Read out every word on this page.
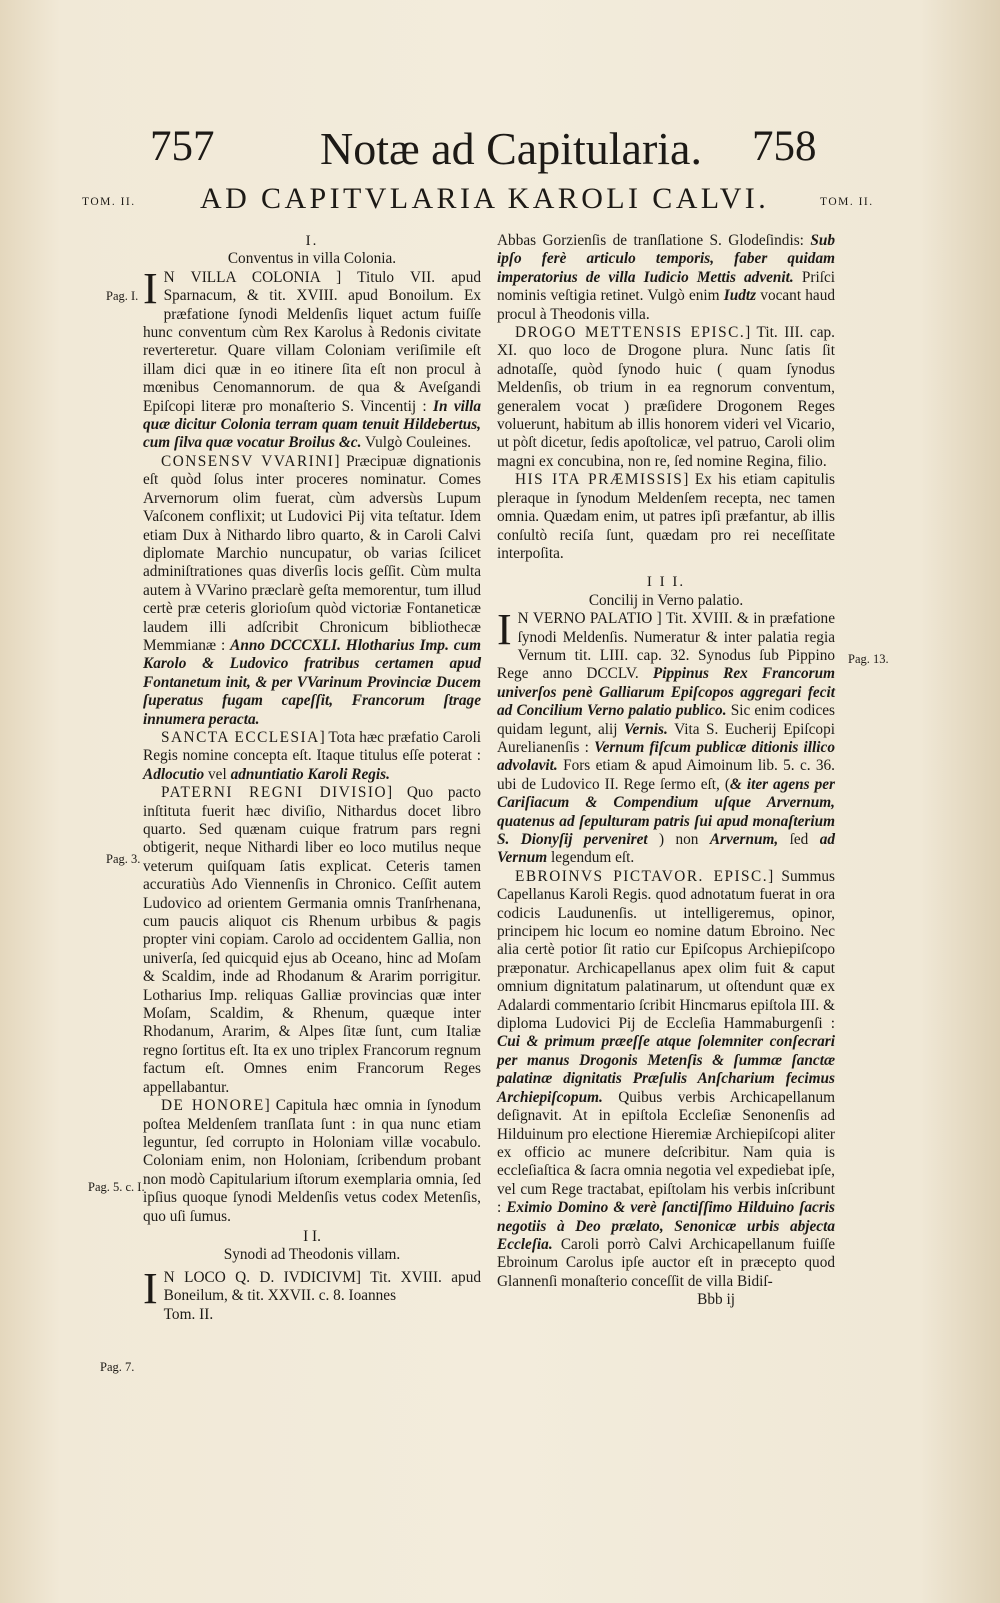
757 Notæ ad Capitularia. 758
TOM. II. AD CAPITVLARIA KAROLI CALVI.	TOM. II.
Pag. I.
Pag. 3.
Pag. 5. c. I.
Pag. 7.
Pag. 13.

I.

Conventus in villa Colonia.

I N VILLA COLONIA ] Titulo VII. apud Sparnacum, & tit. XVIII. apud Bonoilum. Ex præfatione ſynodi Meldenſis liquet actum fuiſſe hunc conventum cùm Rex Karolus à Redonis civitate reverteretur. Quare villam Coloniam veriſimile eſt illam dici quæ in eo itinere ſita eſt non procul à mœnibus Cenomannorum. de qua & Aveſgandi Epiſcopi literæ pro monaſterio S. Vincentij : In villa quæ dicitur Colonia terram quam tenuit Hildebertus, cum ſilva quæ vocatur Broilus &c. Vulgò Couleines.

CONSENSV VVARINI] Præcipuæ dignationis eſt quòd ſolus inter proceres nominatur. Comes Arvernorum olim fuerat, cùm adversùs Lupum Vaſconem conflixit; ut Ludovici Pij vita teſtatur. Idem etiam Dux à Nithardo libro quarto, & in Caroli Calvi diplomate Marchio nuncupatur, ob varias ſcilicet adminiſtrationes quas diverſis locis geſſit. Cùm multa autem à VVarino præclarè geſta memorentur, tum illud certè præ ceteris glorioſum quòd victoriæ Fontaneticæ laudem illi adſcribit Chronicum bibliothecæ Memmianæ : Anno DCCCXLI. Hlotharius Imp. cum Karolo & Ludovico fratribus certamen apud Fontanetum init, & per VVarinum Provinciæ Ducem ſuperatus fugam capeſſit, Francorum ſtrage innumera peracta.

SANCTA ECCLESIA] Tota hæc præfatio Caroli Regis nomine concepta eſt. Itaque titulus eſſe poterat : Adlocutio vel adnuntiatio Karoli Regis.

PATERNI REGNI DIVISIO] Quo pacto inſtituta fuerit hæc diviſio, Nithardus docet libro quarto. Sed quænam cuique fratrum pars regni obtigerit, neque Nithardi liber eo loco mutilus neque veterum quiſquam ſatis explicat. Ceteris tamen accuratiùs Ado Viennenſis in Chronico. Ceſſit autem Ludovico ad orientem Germania omnis Tranſrhenana, cum paucis aliquot cis Rhenum urbibus & pagis propter vini copiam. Carolo ad occidentem Gallia, non univerſa, ſed quicquid ejus ab Oceano, hinc ad Moſam & Scaldim, inde ad Rhodanum & Ararim porrigitur. Lotharius Imp. reliquas Galliæ provincias quæ inter Moſam, Scaldim, & Rhenum, quæque inter Rhodanum, Ararim, & Alpes ſitæ ſunt, cum Italiæ regno ſortitus eſt. Ita ex uno triplex Francorum regnum factum eſt. Omnes enim Francorum Reges appellabantur.

DE HONORE] Capitula hæc omnia in ſynodum poſtea Meldenſem tranſlata ſunt : in qua nunc etiam leguntur, ſed corrupto in Holoniam villæ vocabulo. Coloniam enim, non Holoniam, ſcribendum probant non modò Capitularium iſtorum exemplaria omnia, ſed ipſius quoque ſynodi Meldenſis vetus codex Metenſis, quo uſi ſumus.

I I.

Synodi ad Theodonis villam.

I N LOCO Q. D. IVDICIVM] Tit. XVIII. apud Boneilum, & tit. XXVII. c. 8. Ioannes

Tom. II.

Abbas Gorzienſis de tranſlatione S. Glodeſindis: Sub ipſo ferè articulo temporis, faber quidam imperatorius de villa Iudicio Mettis advenit. Priſci nominis veſtigia retinet. Vulgò enim Iudtz vocant haud procul à Theodonis villa.

DROGO METTENSIS EPISC.] Tit. III. cap. XI. quo loco de Drogone plura. Nunc ſatis ſit adnotaſſe, quòd ſynodo huic ( quam ſynodus Meldenſis, ob trium in ea regnorum conventum, generalem vocat ) præſidere Drogonem Reges voluerunt, habitum ab illis honorem videri vel Vicario, ut pòſt dicetur, ſedis apoſtolicæ, vel patruo, Caroli olim magni ex concubina, non re, ſed nomine Regina, filio.

HIS ITA PRÆMISSIS] Ex his etiam capitulis pleraque in ſynodum Meldenſem recepta, nec tamen omnia. Quædam enim, ut patres ipſi præfantur, ab illis conſultò reciſa ſunt, quædam pro rei neceſſitate interpoſita.

I I I.

Concilij in Verno palatio.

I N VERNO PALATIO ] Tit. XVIII. & in præfatione ſynodi Meldenſis. Numeratur & inter palatia regia Vernum tit. LIII. cap. 32. Synodus ſub Pippino Rege anno DCCLV. Pippinus Rex Francorum univerſos penè Galliarum Epiſcopos aggregari fecit ad Concilium Verno palatio publico. Sic enim codices quidam legunt, alij Vernis. Vita S. Eucherij Epiſcopi Aurelianenſis : Vernum fiſcum publicæ ditionis illico advolavit. Fors etiam & apud Aimoinum lib. 5. c. 36. ubi de Ludovico II. Rege ſermo eſt, (& iter agens per Cariſiacum & Compendium uſque Arvernum, quatenus ad ſepulturam patris ſui apud monaſterium S. Dionyſij perveniret ) non Arvernum, ſed ad Vernum legendum eſt.

EBROINVS PICTAVOR. EPISC.] Summus Capellanus Karoli Regis. quod adnotatum fuerat in ora codicis Laudunenſis. ut intelligeremus, opinor, principem hic locum eo nomine datum Ebroino. Nec alia certè potior ſit ratio cur Epiſcopus Archiepiſcopo præponatur. Archicapellanus apex olim fuit & caput omnium dignitatum palatinarum, ut oſtendunt quæ ex Adalardi commentario ſcribit Hincmarus epiſtola III. & diploma Ludovici Pij de Eccleſia Hammaburgenſi : Cui & primum præeſſe atque ſolemniter conſecrari per manus Drogonis Metenſis & ſummæ ſanctæ palatinæ dignitatis Præſulis Anſcharium fecimus Archiepiſcopum. Quibus verbis Archicapellanum deſignavit. At in epiſtola Eccleſiæ Senonenſis ad Hilduinum pro electione Hieremiæ Archiepiſcopi aliter ex officio ac munere deſcribitur. Nam quia is eccleſiaſtica & ſacra omnia negotia vel expediebat ipſe, vel cum Rege tractabat, epiſtolam his verbis inſcribunt : Eximio Domino & verè ſanctiſſimo Hilduino ſacris negotiis à Deo prælato, Senonicæ urbis abjecta Eccleſia. Caroli porrò Calvi Archicapellanum fuiſſe Ebroinum Carolus ipſe auctor eſt in præcepto quod Glannenſi monaſterio conceſſit de villa Bidiſ-

Bbb ij
